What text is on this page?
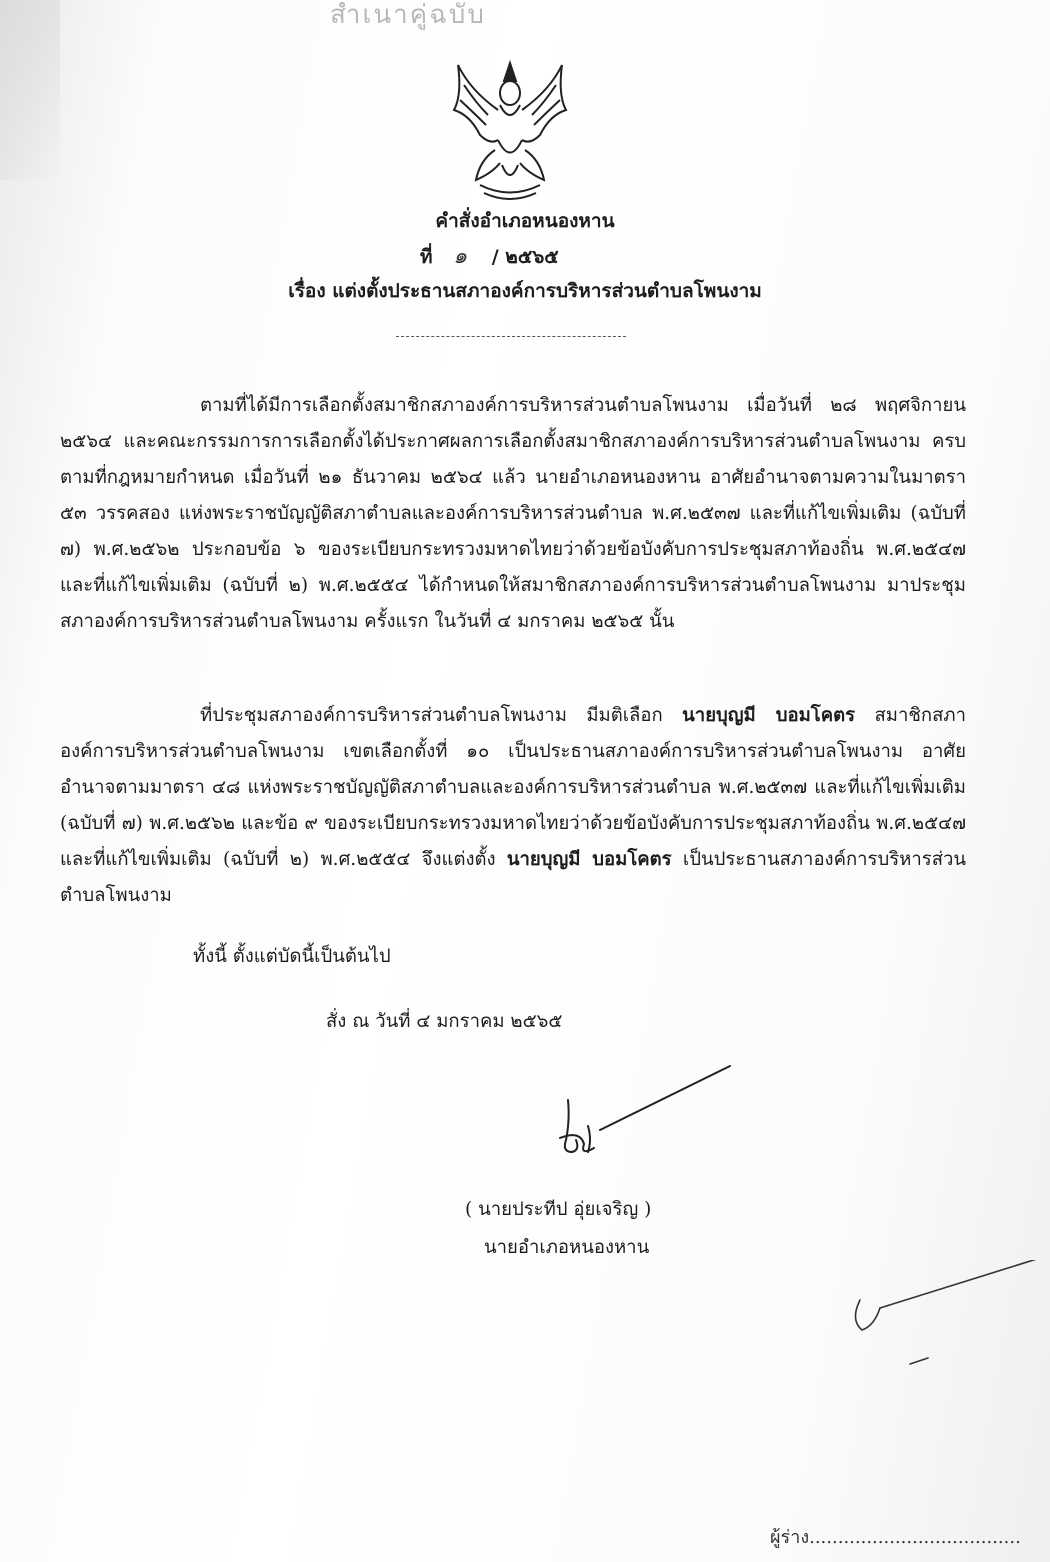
สำเนาคู่ฉบับ
คำสั่งอำเภอหนองหาน
ที่ ๑ / ๒๕๖๕
เรื่อง แต่งตั้งประธานสภาองค์การบริหารส่วนตำบลโพนงาม

ตามที่ได้มีการเลือกตั้งสมาชิกสภาองค์การบริหารส่วนตำบลโพนงาม เมื่อวันที่ ๒๘ พฤศจิกายน ๒๕๖๔ และคณะกรรมการการเลือกตั้งได้ประกาศผลการเลือกตั้งสมาชิกสภาองค์การบริหารส่วนตำบลโพนงาม ครบตามที่กฎหมายกำหนด เมื่อวันที่ ๒๑ ธันวาคม ๒๕๖๔ แล้ว นายอำเภอหนองหาน อาศัยอำนาจตามความในมาตรา ๕๓ วรรคสอง แห่งพระราชบัญญัติสภาตำบลและองค์การบริหารส่วนตำบล พ.ศ.๒๕๓๗ และที่แก้ไขเพิ่มเติม (ฉบับที่ ๗) พ.ศ.๒๕๖๒ ประกอบข้อ ๖ ของระเบียบกระทรวงมหาดไทยว่าด้วยข้อบังคับการประชุมสภาท้องถิ่น พ.ศ.๒๕๔๗ และที่แก้ไขเพิ่มเติม (ฉบับที่ ๒) พ.ศ.๒๕๕๔ ได้กำหนดให้สมาชิกสภาองค์การบริหารส่วนตำบลโพนงาม มาประชุมสภาองค์การบริหารส่วนตำบลโพนงาม ครั้งแรก ในวันที่ ๔ มกราคม ๒๕๖๕ นั้น

ที่ประชุมสภาองค์การบริหารส่วนตำบลโพนงาม มีมติเลือก นายบุญมี บอมโคตร สมาชิกสภาองค์การบริหารส่วนตำบลโพนงาม เขตเลือกตั้งที่ ๑๐ เป็นประธานสภาองค์การบริหารส่วนตำบลโพนงาม อาศัยอำนาจตามมาตรา ๔๘ แห่งพระราชบัญญัติสภาตำบลและองค์การบริหารส่วนตำบล พ.ศ.๒๕๓๗ และที่แก้ไขเพิ่มเติม (ฉบับที่ ๗) พ.ศ.๒๕๖๒ และข้อ ๙ ของระเบียบกระทรวงมหาดไทยว่าด้วยข้อบังคับการประชุมสภาท้องถิ่น พ.ศ.๒๕๔๗ และที่แก้ไขเพิ่มเติม (ฉบับที่ ๒) พ.ศ.๒๕๕๔ จึงแต่งตั้ง นายบุญมี บอมโคตร เป็นประธานสภาองค์การบริหารส่วนตำบลโพนงาม

ทั้งนี้ ตั้งแต่บัดนี้เป็นต้นไป
สั่ง ณ วันที่ ๔ มกราคม ๒๕๖๕
( นายประทีป อุ่ยเจริญ )
นายอำเภอหนองหาน
ผู้ร่าง.....................................
